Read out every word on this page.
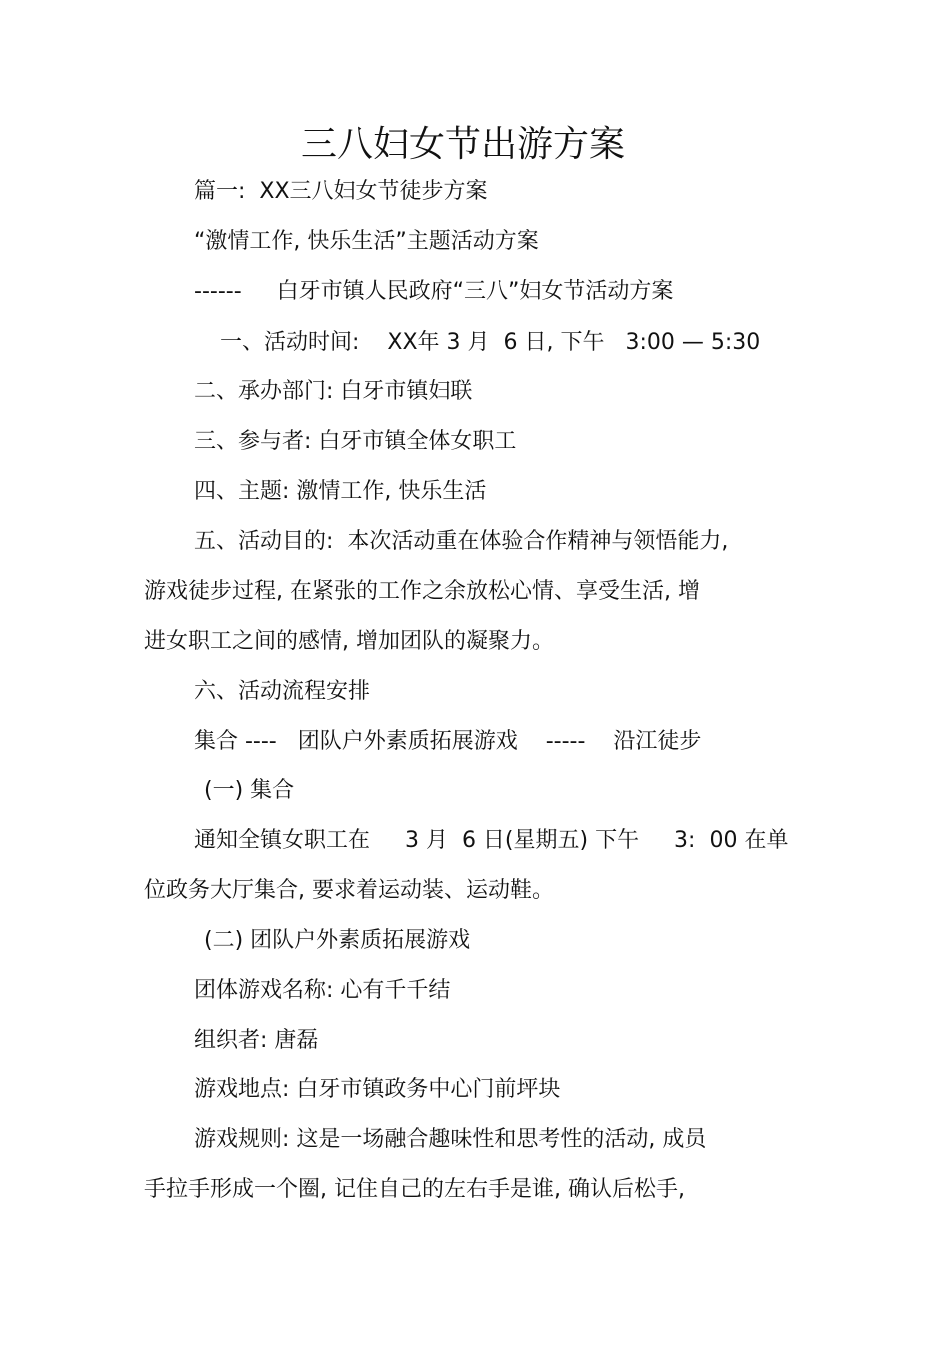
三八妇女节出游方案
篇一:  XX三八妇女节徒步方案
“激情工作, 快乐生活”主题活动方案
------     白牙市镇人民政府“三八”妇女节活动方案
一、活动时间:    XX年 3 月  6 日, 下午   3:00 — 5:30
二、承办部门: 白牙市镇妇联
三、参与者: 白牙市镇全体女职工
四、主题: 激情工作, 快乐生活
五、活动目的:  本次活动重在体验合作精神与领悟能力,
游戏徒步过程, 在紧张的工作之余放松心情、享受生活, 增
进女职工之间的感情, 增加团队的凝聚力。
六、活动流程安排
集合 ----   团队户外素质拓展游戏    -----    沿江徒步
(一) 集合
通知全镇女职工在     3 月  6 日(星期五) 下午     3:  00 在单
位政务大厅集合, 要求着运动装、运动鞋。
(二) 团队户外素质拓展游戏
团体游戏名称: 心有千千结
组织者: 唐磊
游戏地点: 白牙市镇政务中心门前坪块
游戏规则: 这是一场融合趣味性和思考性的活动, 成员
手拉手形成一个圈, 记住自己的左右手是谁, 确认后松手,
